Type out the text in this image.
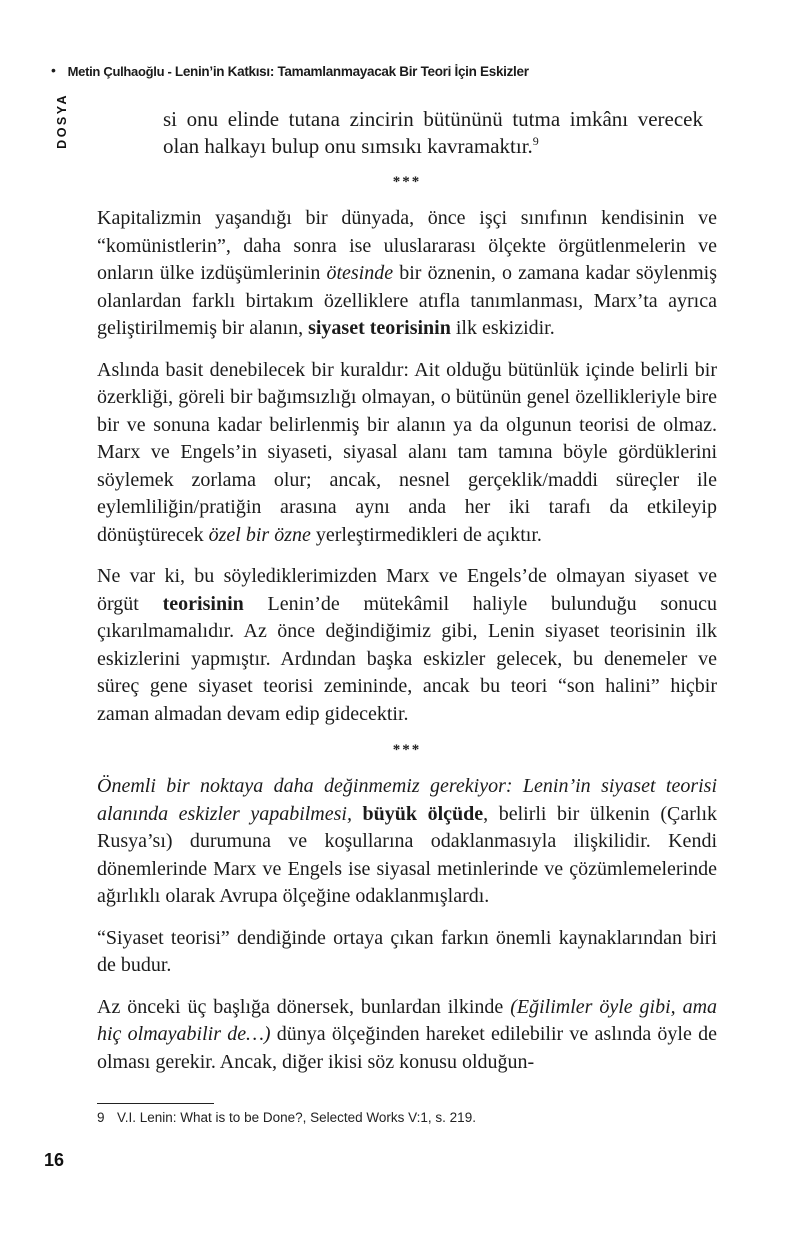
• Metin Çulhaoğlu - Lenin’in Katkısı: Tamamlanmayacak Bir Teori İçin Eskizler
DOSYA	si onu elinde tutana zincirin bütününü tutma imkânı verecek olan halkayı bulup onu sımsıkı kavramaktır.$^9$

***

Kapitalizmin yaşandığı bir dünyada, önce işçi sınıfının kendisinin ve “komünistlerin”, daha sonra ise uluslararası ölçekte örgütlenmelerin ve onların ülke izdüşümlerinin ötesinde bir öznenin, o zamana kadar söylenmiş olanlardan farklı birtakım özelliklere atıfla tanımlanması, Marx’ta ayrıca geliştirilmemiş bir alanın, siyaset teorisinin ilk eskizidir.

Aslında basit denebilecek bir kuraldır: Ait olduğu bütünlük içinde belirli bir özerkliği, göreli bir bağımsızlığı olmayan, o bütünün genel özellikleriyle bire bir ve sonuna kadar belirlenmiş bir alanın ya da olgunun teorisi de olmaz. Marx ve Engels’in siyaseti, siyasal alanı tam tamına böyle gördüklerini söylemek zorlama olur; ancak, nesnel gerçeklik/maddi süreçler ile eylemliliğin/pratiğin arasına aynı anda her iki tarafı da etkileyip dönüştürecek özel bir özne yerleştirmedikleri de açıktır.

Ne var ki, bu söylediklerimizden Marx ve Engels’de olmayan siyaset ve örgüt teorisinin Lenin’de mütekâmil haliyle bulunduğu sonucu çıkarılmamalıdır. Az önce değindiğimiz gibi, Lenin siyaset teorisinin ilk eskizlerini yapmıştır. Ardından başka eskizler gelecek, bu denemeler ve süreç gene siyaset teorisi zemininde, ancak bu teori “son halini” hiçbir zaman almadan devam edip gidecektir.

***

Önemli bir noktaya daha değinmemiz gerekiyor: Lenin’in siyaset teorisi alanında eskizler yapabilmesi, büyük ölçüde, belirli bir ülkenin (Çarlık Rusya’sı) durumuna ve koşullarına odaklanmasıyla ilişkilidir. Kendi dönemlerinde Marx ve Engels ise siyasal metinlerinde ve çözümlemelerinde ağırlıklı olarak Avrupa ölçeğine odaklanmışlardı.

“Siyaset teorisi” dendiğinde ortaya çıkan farkın önemli kaynaklarından biri de budur.

Az önceki üç başlığa dönersek, bunlardan ilkinde (Eğilimler öyle gibi, ama hiç olmayabilir de…) dünya ölçeğinden hareket edilebilir ve aslında öyle de olması gerekir. Ancak, diğer ikisi söz konusu olduğun-

9 V.I. Lenin: What is to be Done?, Selected Works V:1, s. 219.
16
